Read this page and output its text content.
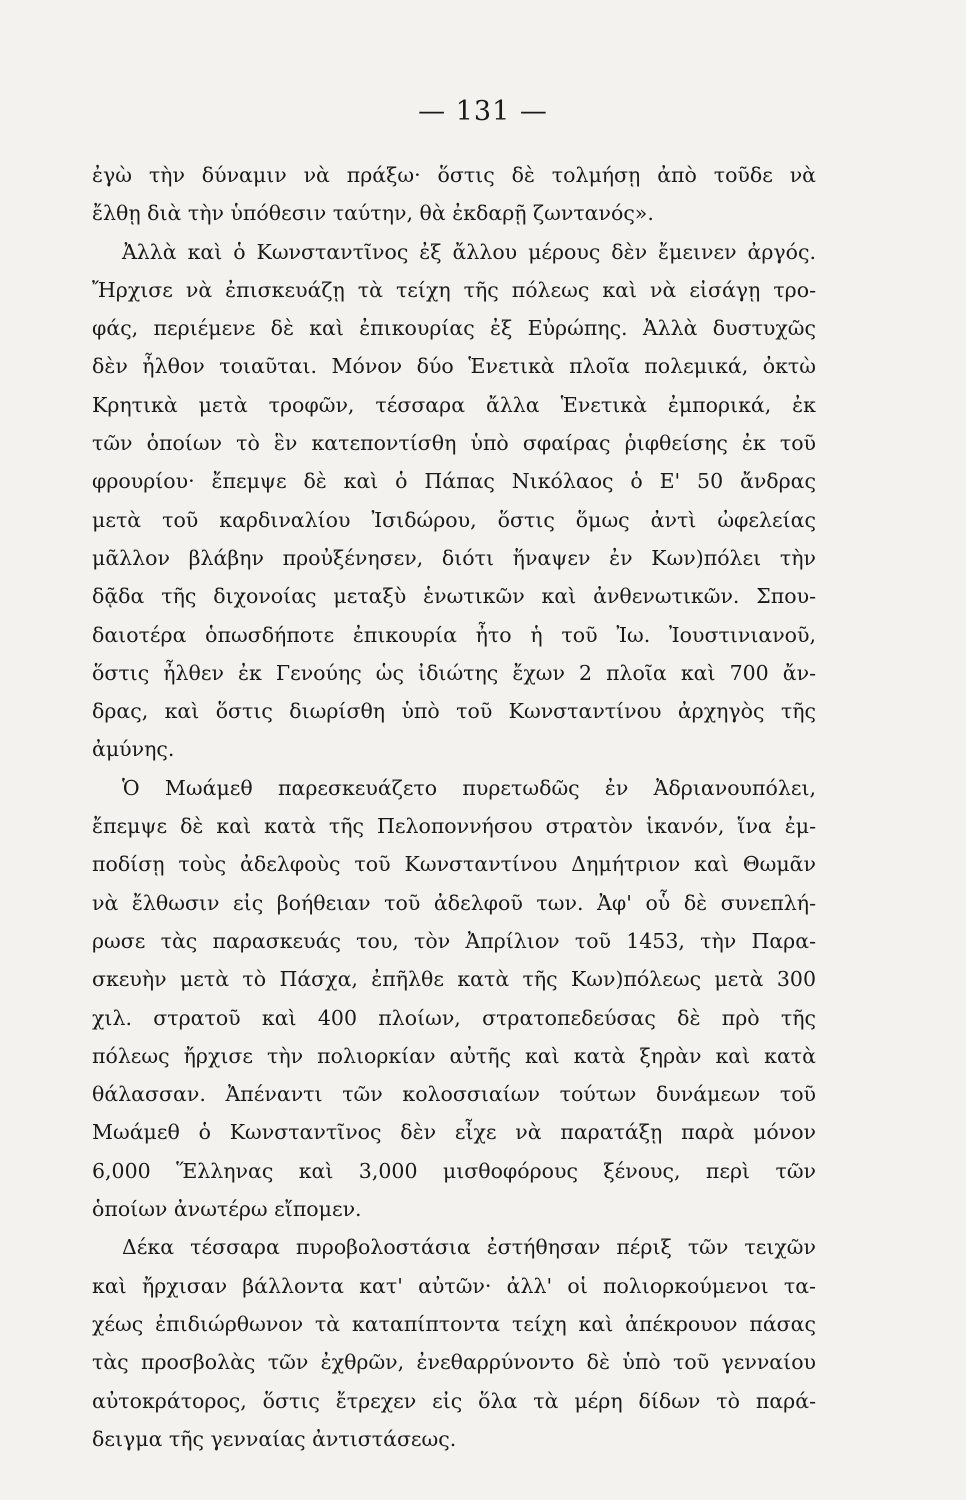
— 131 —
ἐγὼ τὴν δύναμιν νὰ πράξω· ὅστις δὲ τολμήσῃ ἀπὸ τοῦδε νὰ
ἔλθῃ διὰ τὴν ὑπόθεσιν ταύτην, θὰ ἐκδαρῇ ζωντανός».
Ἀλλὰ καὶ ὁ Κωνσταντῖνος ἐξ ἄλλου μέρους δὲν ἔμεινεν ἀργός.
Ἤρχισε νὰ ἐπισκευάζῃ τὰ τείχη τῆς πόλεως καὶ νὰ εἰσάγῃ τρο-
φάς, περιέμενε δὲ καὶ ἐπικουρίας ἐξ Εὐρώπης. Ἀλλὰ δυστυχῶς
δὲν ἦλθον τοιαῦται. Μόνον δύο Ἑνετικὰ πλοῖα πολεμικά, ὀκτὼ
Κρητικὰ μετὰ τροφῶν, τέσσαρα ἄλλα Ἑνετικὰ ἐμπορικά, ἐκ
τῶν ὁποίων τὸ ἓν κατεποντίσθη ὑπὸ σφαίρας ῥιφθείσης ἐκ τοῦ
φρουρίου· ἔπεμψε δὲ καὶ ὁ Πάπας Νικόλαος ὁ Ε' 50 ἄνδρας
μετὰ τοῦ καρδιναλίου Ἰσιδώρου, ὅστις ὅμως ἀντὶ ὠφελείας
μᾶλλον βλάβην προὐξένησεν, διότι ἥναψεν ἐν Κων)πόλει τὴν
δᾷδα τῆς διχονοίας μεταξὺ ἑνωτικῶν καὶ ἀνθενωτικῶν. Σπου-
δαιοτέρα ὁπωσδήποτε ἐπικουρία ἦτο ἡ τοῦ Ἰω. Ἰουστινιανοῦ,
ὅστις ἦλθεν ἐκ Γενούης ὡς ἰδιώτης ἔχων 2 πλοῖα καὶ 700 ἄν-
δρας, καὶ ὅστις διωρίσθη ὑπὸ τοῦ Κωνσταντίνου ἀρχηγὸς τῆς
ἀμύνης.
Ὁ Μωάμεθ παρεσκευάζετο πυρετωδῶς ἐν Ἀδριανουπόλει,
ἔπεμψε δὲ καὶ κατὰ τῆς Πελοποννήσου στρατὸν ἱκανόν, ἵνα ἐμ-
ποδίσῃ τοὺς ἀδελφοὺς τοῦ Κωνσταντίνου Δημήτριον καὶ Θωμᾶν
νὰ ἔλθωσιν εἰς βοήθειαν τοῦ ἀδελφοῦ των. Ἀφ' οὗ δὲ συνεπλή-
ρωσε τὰς παρασκευάς του, τὸν Ἀπρίλιον τοῦ 1453, τὴν Παρα-
σκευὴν μετὰ τὸ Πάσχα, ἐπῆλθε κατὰ τῆς Κων)πόλεως μετὰ 300
χιλ. στρατοῦ καὶ 400 πλοίων, στρατοπεδεύσας δὲ πρὸ τῆς
πόλεως ἤρχισε τὴν πολιορκίαν αὐτῆς καὶ κατὰ ξηρὰν καὶ κατὰ
θάλασσαν. Ἀπέναντι τῶν κολοσσιαίων τούτων δυνάμεων τοῦ
Μωάμεθ ὁ Κωνσταντῖνος δὲν εἶχε νὰ παρατάξῃ παρὰ μόνον
6,000 Ἕλληνας καὶ 3,000 μισθοφόρους ξένους, περὶ τῶν
ὁποίων ἀνωτέρω εἴπομεν.
Δέκα τέσσαρα πυροβολοστάσια ἐστήθησαν πέριξ τῶν τειχῶν
καὶ ἤρχισαν βάλλοντα κατ' αὐτῶν· ἀλλ' οἱ πολιορκούμενοι τα-
χέως ἐπιδιώρθωνον τὰ καταπίπτοντα τείχη καὶ ἀπέκρουον πάσας
τὰς προσβολὰς τῶν ἐχθρῶν, ἐνεθαρρύνοντο δὲ ὑπὸ τοῦ γενναίου
αὐτοκράτορος, ὅστις ἔτρεχεν εἰς ὅλα τὰ μέρη δίδων τὸ παρά-
δειγμα τῆς γενναίας ἀντιστάσεως.
